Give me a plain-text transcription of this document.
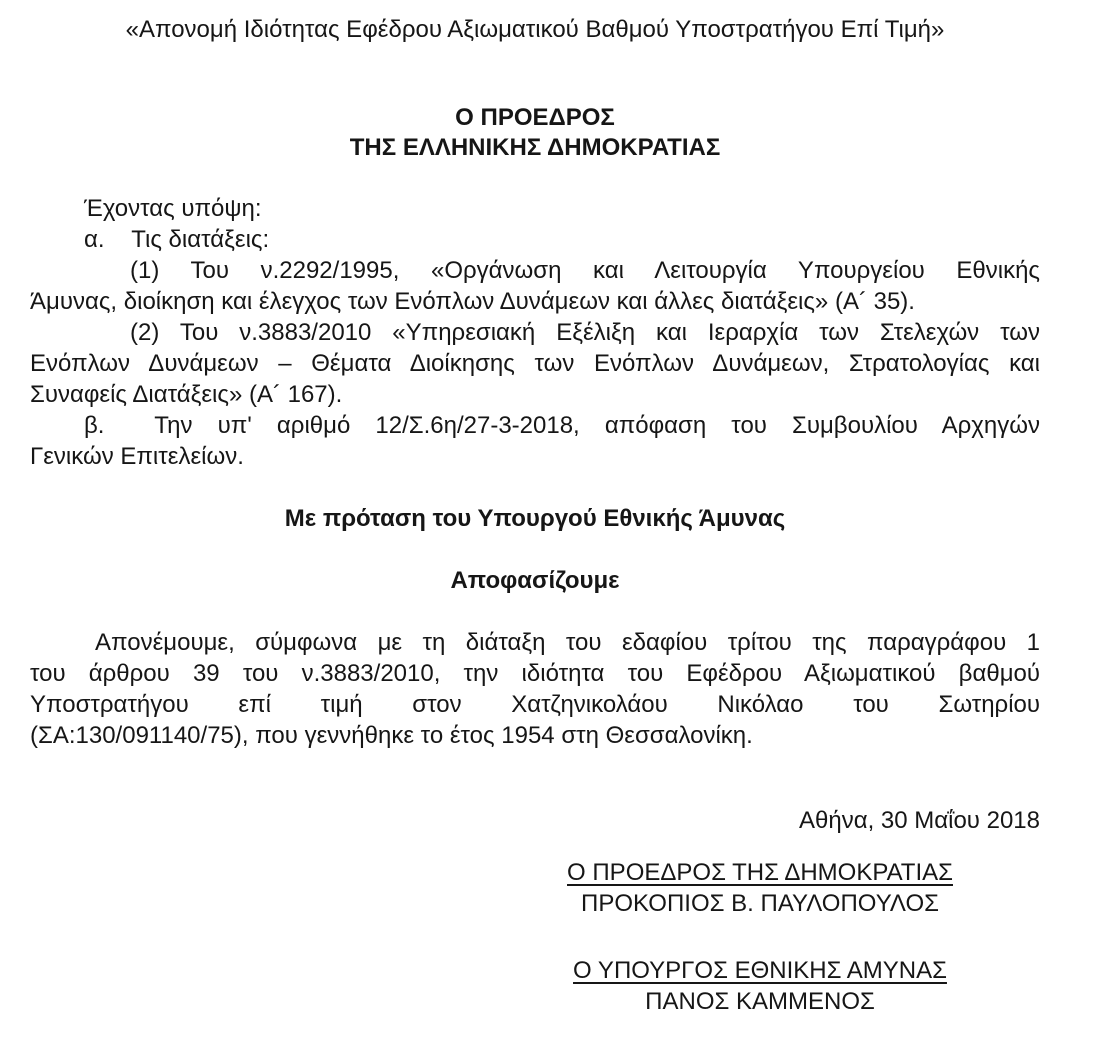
«Απονομή Ιδιότητας Εφέδρου Αξιωματικού Βαθμού Υποστρατήγου Επί Τιμή»
Ο ΠΡΟΕΔΡΟΣ
ΤΗΣ ΕΛΛΗΝΙΚΗΣ ΔΗΜΟΚΡΑΤΙΑΣ
Έχοντας υπόψη:
α.    Τις διατάξεις:
(1) Του ν.2292/1995, «Οργάνωση και Λειτουργία Υπουργείου Εθνικής
Άμυνας, διοίκηση και έλεγχος των Ενόπλων Δυνάμεων και άλλες διατάξεις» (Α´ 35).
(2) Του ν.3883/2010 «Υπηρεσιακή Εξέλιξη και Ιεραρχία των Στελεχών των
Ενόπλων Δυνάμεων – Θέματα Διοίκησης των Ενόπλων Δυνάμεων, Στρατολογίας και
Συναφείς Διατάξεις» (Α´ 167).
β.  Την υπ' αριθμό 12/Σ.6η/27-3-2018, απόφαση του Συμβουλίου Αρχηγών
Γενικών Επιτελείων.
Με πρόταση του Υπουργού Εθνικής Άμυνας
Αποφασίζουμε
Απονέμουμε, σύμφωνα με τη διάταξη του εδαφίου τρίτου της παραγράφου 1
του άρθρου 39 του ν.3883/2010, την ιδιότητα του Εφέδρου Αξιωματικού βαθμού
Υποστρατήγου επί τιμή στον Χατζηνικολάου Νικόλαο του Σωτηρίου
(ΣΑ:130/091140/75), που γεννήθηκε το έτος 1954 στη Θεσσαλονίκη.
Αθήνα, 30 Μαΐου 2018
Ο ΠΡΟΕΔΡΟΣ ΤΗΣ ΔΗΜΟΚΡΑΤΙΑΣ
ΠΡΟΚΟΠΙΟΣ Β. ΠΑΥΛΟΠΟΥΛΟΣ
Ο ΥΠΟΥΡΓΟΣ ΕΘΝΙΚΗΣ ΑΜΥΝΑΣ
ΠΑΝΟΣ ΚΑΜΜΕΝΟΣ
